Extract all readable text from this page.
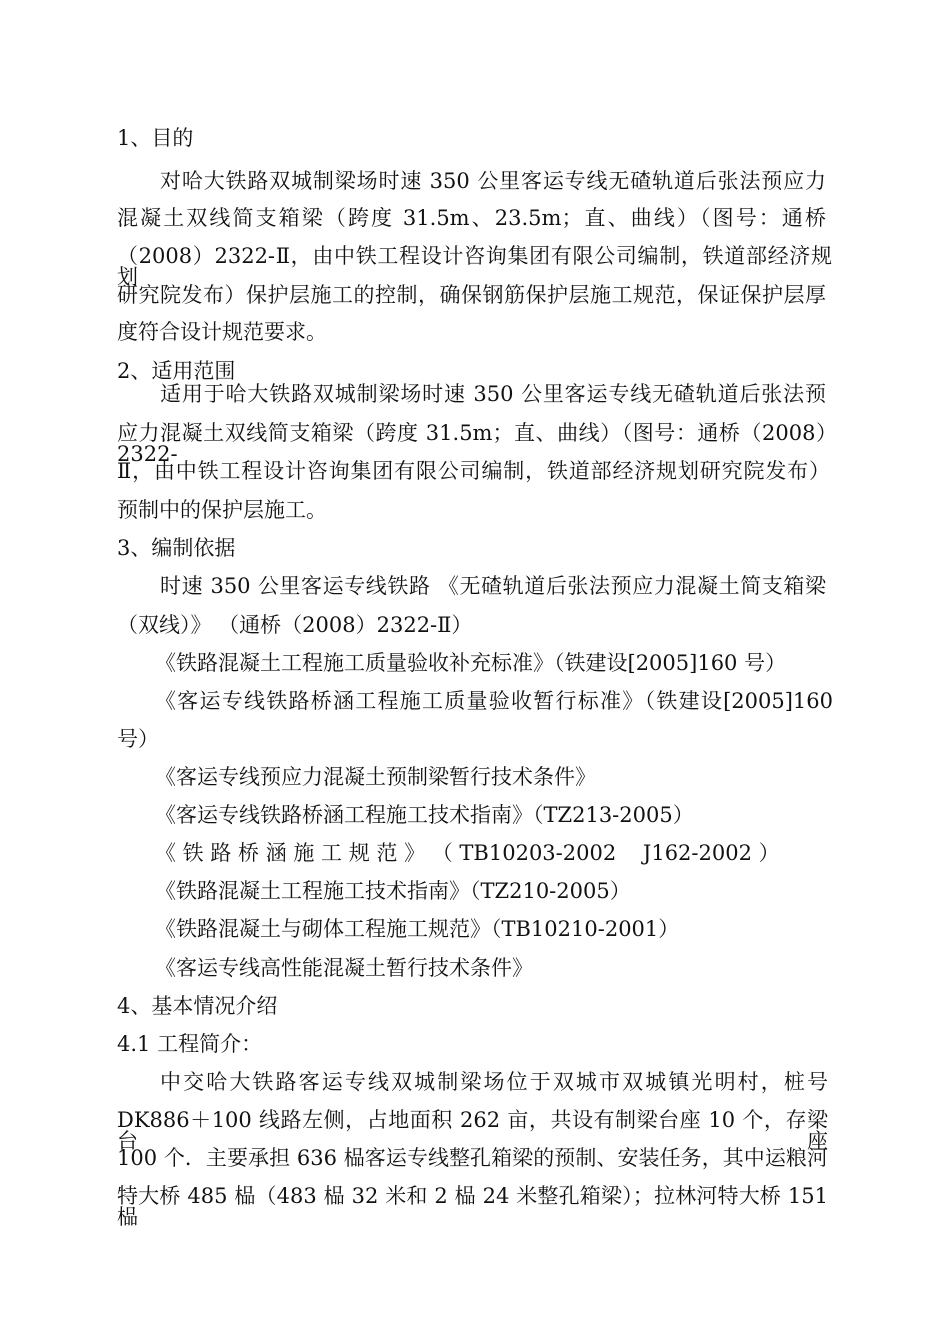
1、目的
对哈大铁路双城制梁场时速 350 公里客运专线无碴轨道后张法预应力
混凝土双线简支箱梁（跨度 31.5m、23.5m；直、曲线）（图号：通桥
（2008）2322-Ⅱ，由中铁工程设计咨询集团有限公司编制，铁道部经济规划
研究院发布）保护层施工的控制，确保钢筋保护层施工规范，保证保护层厚
度符合设计规范要求。
2、适用范围
适用于哈大铁路双城制梁场时速 350 公里客运专线无碴轨道后张法预
应力混凝土双线简支箱梁（跨度 31.5m；直、曲线）（图号：通桥（2008）2322-
Ⅱ，由中铁工程设计咨询集团有限公司编制，铁道部经济规划研究院发布）
预制中的保护层施工。
3、编制依据
时速 350 公里客运专线铁路 《无碴轨道后张法预应力混凝土简支箱梁
（双线）》 （通桥（2008）2322-Ⅱ）
《铁路混凝土工程施工质量验收补充标准》（铁建设[2005]160 号）
《客运专线铁路桥涵工程施工质量验收暂行标准》（铁建设[2005]160
号）
《客运专线预应力混凝土预制梁暂行技术条件》
《客运专线铁路桥涵工程施工技术指南》（TZ213-2005）
《 铁 路 桥 涵 施 工 规 范 》 （ TB10203-2002    J162-2002 ）
《铁路混凝土工程施工技术指南》（TZ210-2005）
《铁路混凝土与砌体工程施工规范》（TB10210-2001）
《客运专线高性能混凝土暂行技术条件》
4、基本情况介绍
4.1 工程简介：
中交哈大铁路客运专线双城制梁场位于双城市双城镇光明村，桩号
DK886＋100 线路左侧，占地面积 262 亩，共设有制梁台座 10 个，存梁台座
100 个．主要承担 636 榀客运专线整孔箱梁的预制、安装任务，其中运粮河
特大桥 485 榀（483 榀 32 米和 2 榀 24 米整孔箱梁）；拉林河特大桥 151 榀
